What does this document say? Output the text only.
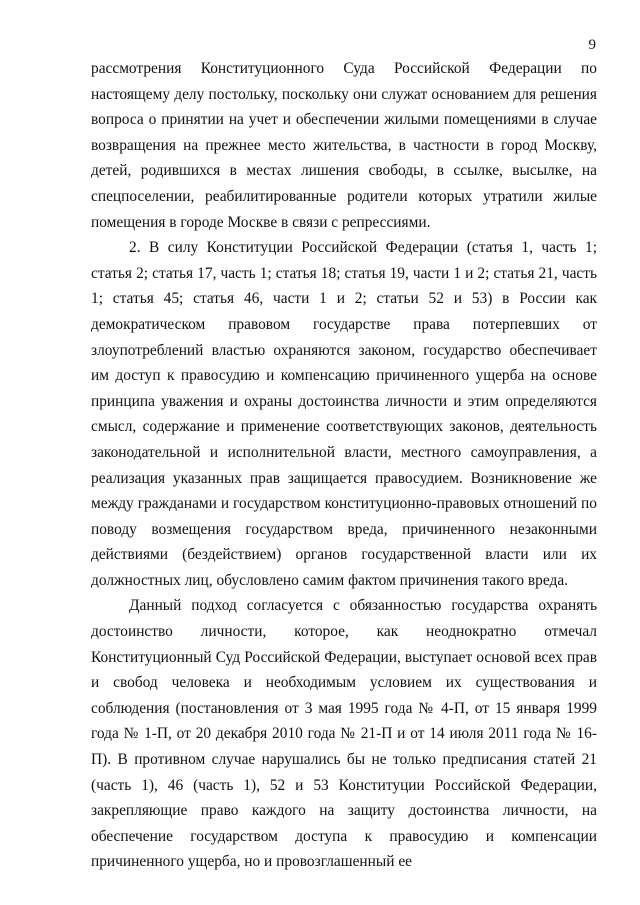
9

рассмотрения Конституционного Суда Российской Федерации по настоящему делу постольку, поскольку они служат основанием для решения вопроса о принятии на учет и обеспечении жилыми помещениями в случае возвращения на прежнее место жительства, в частности в город Москву, детей, родившихся в местах лишения свободы, в ссылке, высылке, на спецпоселении, реабилитированные родители которых утратили жилые помещения в городе Москве в связи с репрессиями.

2. В силу Конституции Российской Федерации (статья 1, часть 1; статья 2; статья 17, часть 1; статья 18; статья 19, части 1 и 2; статья 21, часть 1; статья 45; статья 46, части 1 и 2; статьи 52 и 53) в России как демократическом правовом государстве права потерпевших от злоупотреблений властью охраняются законом, государство обеспечивает им доступ к правосудию и компенсацию причиненного ущерба на основе принципа уважения и охраны достоинства личности и этим определяются смысл, содержание и применение соответствующих законов, деятельность законодательной и исполнительной власти, местного самоуправления, а реализация указанных прав защищается правосудием. Возникновение же между гражданами и государством конституционно-правовых отношений по поводу возмещения государством вреда, причиненного незаконными действиями (бездействием) органов государственной власти или их должностных лиц, обусловлено самим фактом причинения такого вреда.

Данный подход согласуется с обязанностью государства охранять достоинство личности, которое, как неоднократно отмечал Конституционный Суд Российской Федерации, выступает основой всех прав и свобод человека и необходимым условием их существования и соблюдения (постановления от 3 мая 1995 года № 4-П, от 15 января 1999 года № 1-П, от 20 декабря 2010 года № 21-П и от 14 июля 2011 года № 16-П). В противном случае нарушались бы не только предписания статей 21 (часть 1), 46 (часть 1), 52 и 53 Конституции Российской Федерации, закрепляющие право каждого на защиту достоинства личности, на обеспечение государством доступа к правосудию и компенсации причиненного ущерба, но и провозглашенный ее
